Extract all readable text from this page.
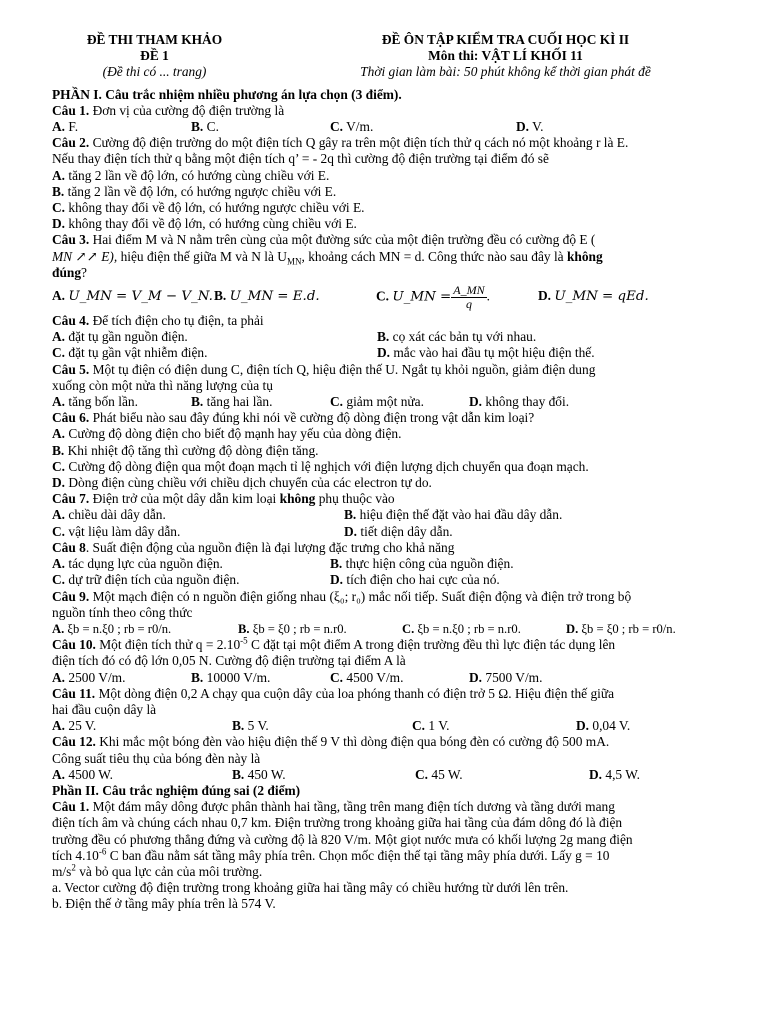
ĐỀ THI THAM KHẢO
ĐỀ 1
(Đề thi có ... trang)
ĐỀ ÔN TẬP KIỂM TRA CUỐI HỌC KÌ II
Môn thi: VẬT LÍ KHỐI 11
Thời gian làm bài: 50 phút không kể thời gian phát đề
PHẦN I. Câu trắc nhiệm nhiều phương án lựa chọn (3 điểm).
Câu 1. Đơn vị của cường độ điện trường là
A. F.	B. C.	C. V/m.	D. V.
Câu 2. Cường độ điện trường do một điện tích Q gây ra trên một điện tích thử q cách nó một khoảng r là E.
Nếu thay điện tích thử q bằng một điện tích q’ = - 2q thì cường độ điện trường tại điểm đó sẽ
A. tăng 2 lần về độ lớn, có hướng cùng chiều với E.
B. tăng 2 lần về độ lớn, có hướng ngược chiều với E.
C. không thay đổi về độ lớn, có hướng ngược chiều với E.
D. không thay đổi về độ lớn, có hướng cùng chiều với E.
Câu 3. Hai điểm M và N nằm trên cùng của một đường sức của một điện trường đều có cường độ E (
MN ↗↗ E), hiệu điện thế giữa M và N là $U_{MN}$, khoảng cách MN = d. Công thức nào sau đây là không
đúng?
A. U_MN = V_M − V_N. B. U_MN = E.d.	C. U_MN = $\frac{A\_MN}{q}$ .	D. U_MN = qEd.
Câu 4. Để tích điện cho tụ điện, ta phải
A. đặt tụ gần nguồn điện.	B. cọ xát các bản tụ với nhau.
C. đặt tụ gần vật nhiễm điện.	D. mắc vào hai đầu tụ một hiệu điện thế.
Câu 5. Một tụ điện có điện dung C, điện tích Q, hiệu điện thế U. Ngắt tụ khỏi nguồn, giảm điện dung
xuống còn một nửa thì năng lượng của tụ
A. tăng bốn lần.	B. tăng hai lần.	C. giảm một nửa.	D. không thay đổi.
Câu 6. Phát biểu nào sau đây đúng khi nói về cường độ dòng điện trong vật dẫn kim loại?
A. Cường độ dòng điện cho biết độ mạnh hay yếu của dòng điện.
B. Khi nhiệt độ tăng thì cường độ dòng điện tăng.
C. Cường độ dòng điện qua một đoạn mạch tỉ lệ nghịch với điện lượng dịch chuyển qua đoạn mạch.
D. Dòng điện cùng chiều với chiều dịch chuyển của các electron tự do.
Câu 7. Điện trở của một dây dẫn kim loại không phụ thuộc vào
A. chiều dài dây dẫn.	B. hiệu điện thế đặt vào hai đầu dây dẫn.
C. vật liệu làm dây dẫn.	D. tiết diện dây dẫn.
Câu 8. Suất điện động của nguồn điện là đại lượng đặc trưng cho khả năng
A. tác dụng lực của nguồn điện.	B. thực hiện công của nguồn điện.
C. dự trữ điện tích của nguồn điện.	D. tích điện cho hai cực của nó.
Câu 9. Một mạch điện có n nguồn điện giống nhau (ξ₀; r₀) mắc nối tiếp. Suất điện động và điện trở trong bộ
nguồn tính theo công thức
A. ξb = n.ξ0 ; rb = r0/n.	B. ξb = ξ0 ; rb = n.r0.	C. ξb = n.ξ0 ; rb = n.r0.	D. ξb = ξ0 ; rb = r0/n.
Câu 10. Một điện tích thử $q = 2.10^{-5}$ C đặt tại một điểm A trong điện trường đều thì lực điện tác dụng lên
điện tích đó có độ lớn 0,05 N. Cường độ điện trường tại điểm A là
A. 2500 V/m.	B. 10000 V/m.	C. 4500 V/m.	D. 7500 V/m.
Câu 11. Một dòng điện 0,2 A chạy qua cuộn dây của loa phóng thanh có điện trở 5 Ω. Hiệu điện thế giữa
hai đầu cuộn dây là
A. 25 V.	B. 5 V.	C. 1 V.	D. 0,04 V.
Câu 12. Khi mắc một bóng đèn vào hiệu điện thế 9 V thì dòng điện qua bóng đèn có cường độ 500 mA.
Công suất tiêu thụ của bóng đèn này là
A. 4500 W.	B. 450 W.	C. 45 W.	D. 4,5 W.
Phần II. Câu trắc nghiệm đúng sai (2 điểm)
Câu 1. Một đám mây dông được phân thành hai tầng, tầng trên mang điện tích dương và tầng dưới mang
điện tích âm và chúng cách nhau 0,7 km. Điện trường trong khoảng giữa hai tầng của đám dông đó là điện
trường đều có phương thẳng đứng và cường độ là 820 V/m. Một giọt nước mưa có khối lượng 2g mang điện
tích $4.10^{-6}$ C ban đầu nằm sát tầng mây phía trên. Chọn mốc điện thế tại tầng mây phía dưới. Lấy g = 10
$m/s^2$ và bỏ qua lực cản của môi trường.
a. Vector cường độ điện trường trong khoảng giữa hai tầng mây có chiều hướng từ dưới lên trên.
b. Điện thế ở tầng mây phía trên là 574 V.
